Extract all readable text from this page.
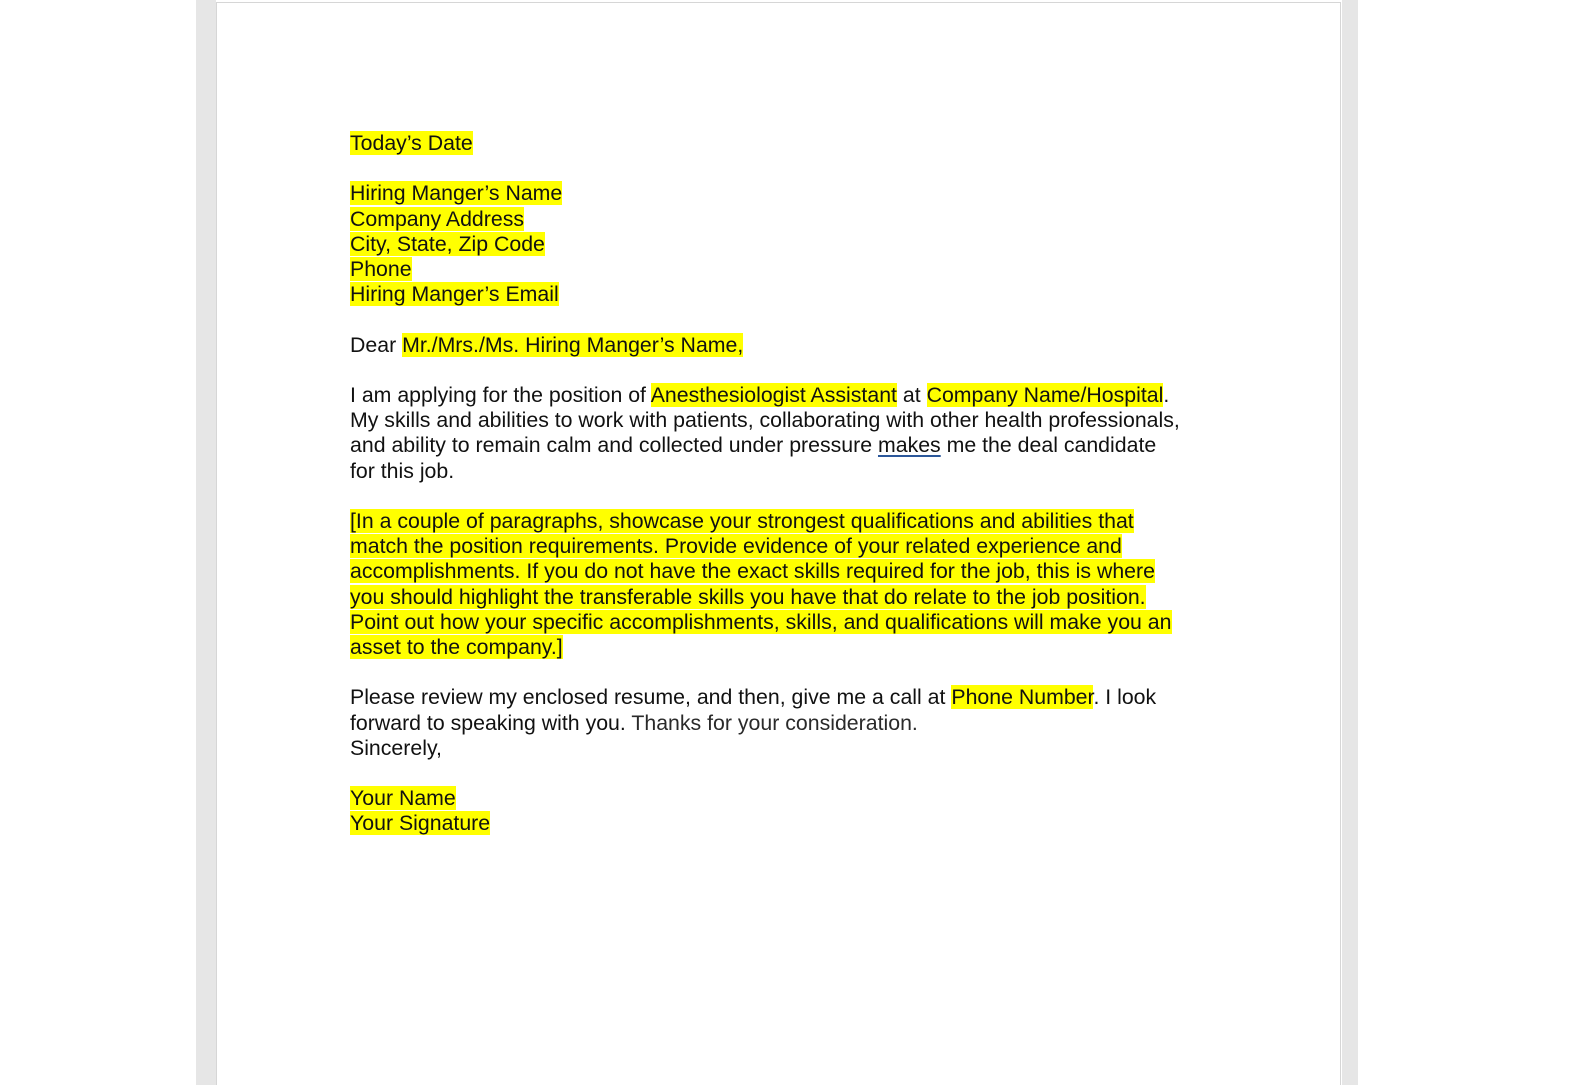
Today’s Date

Hiring Manger’s Name
Company Address
City, State, Zip Code
Phone
Hiring Manger’s Email

Dear Mr./Mrs./Ms. Hiring Manger’s Name,

I am applying for the position of Anesthesiologist Assistant at Company Name/Hospital.
My skills and abilities to work with patients, collaborating with other health professionals,
and ability to remain calm and collected under pressure makes me the deal candidate
for this job.

[In a couple of paragraphs, showcase your strongest qualifications and abilities that
match the position requirements. Provide evidence of your related experience and
accomplishments. If you do not have the exact skills required for the job, this is where
you should highlight the transferable skills you have that do relate to the job position.
Point out how your specific accomplishments, skills, and qualifications will make you an
asset to the company.]

Please review my enclosed resume, and then, give me a call at Phone Number. I look
forward to speaking with you. Thanks for your consideration.
Sincerely,

Your Name
Your Signature
